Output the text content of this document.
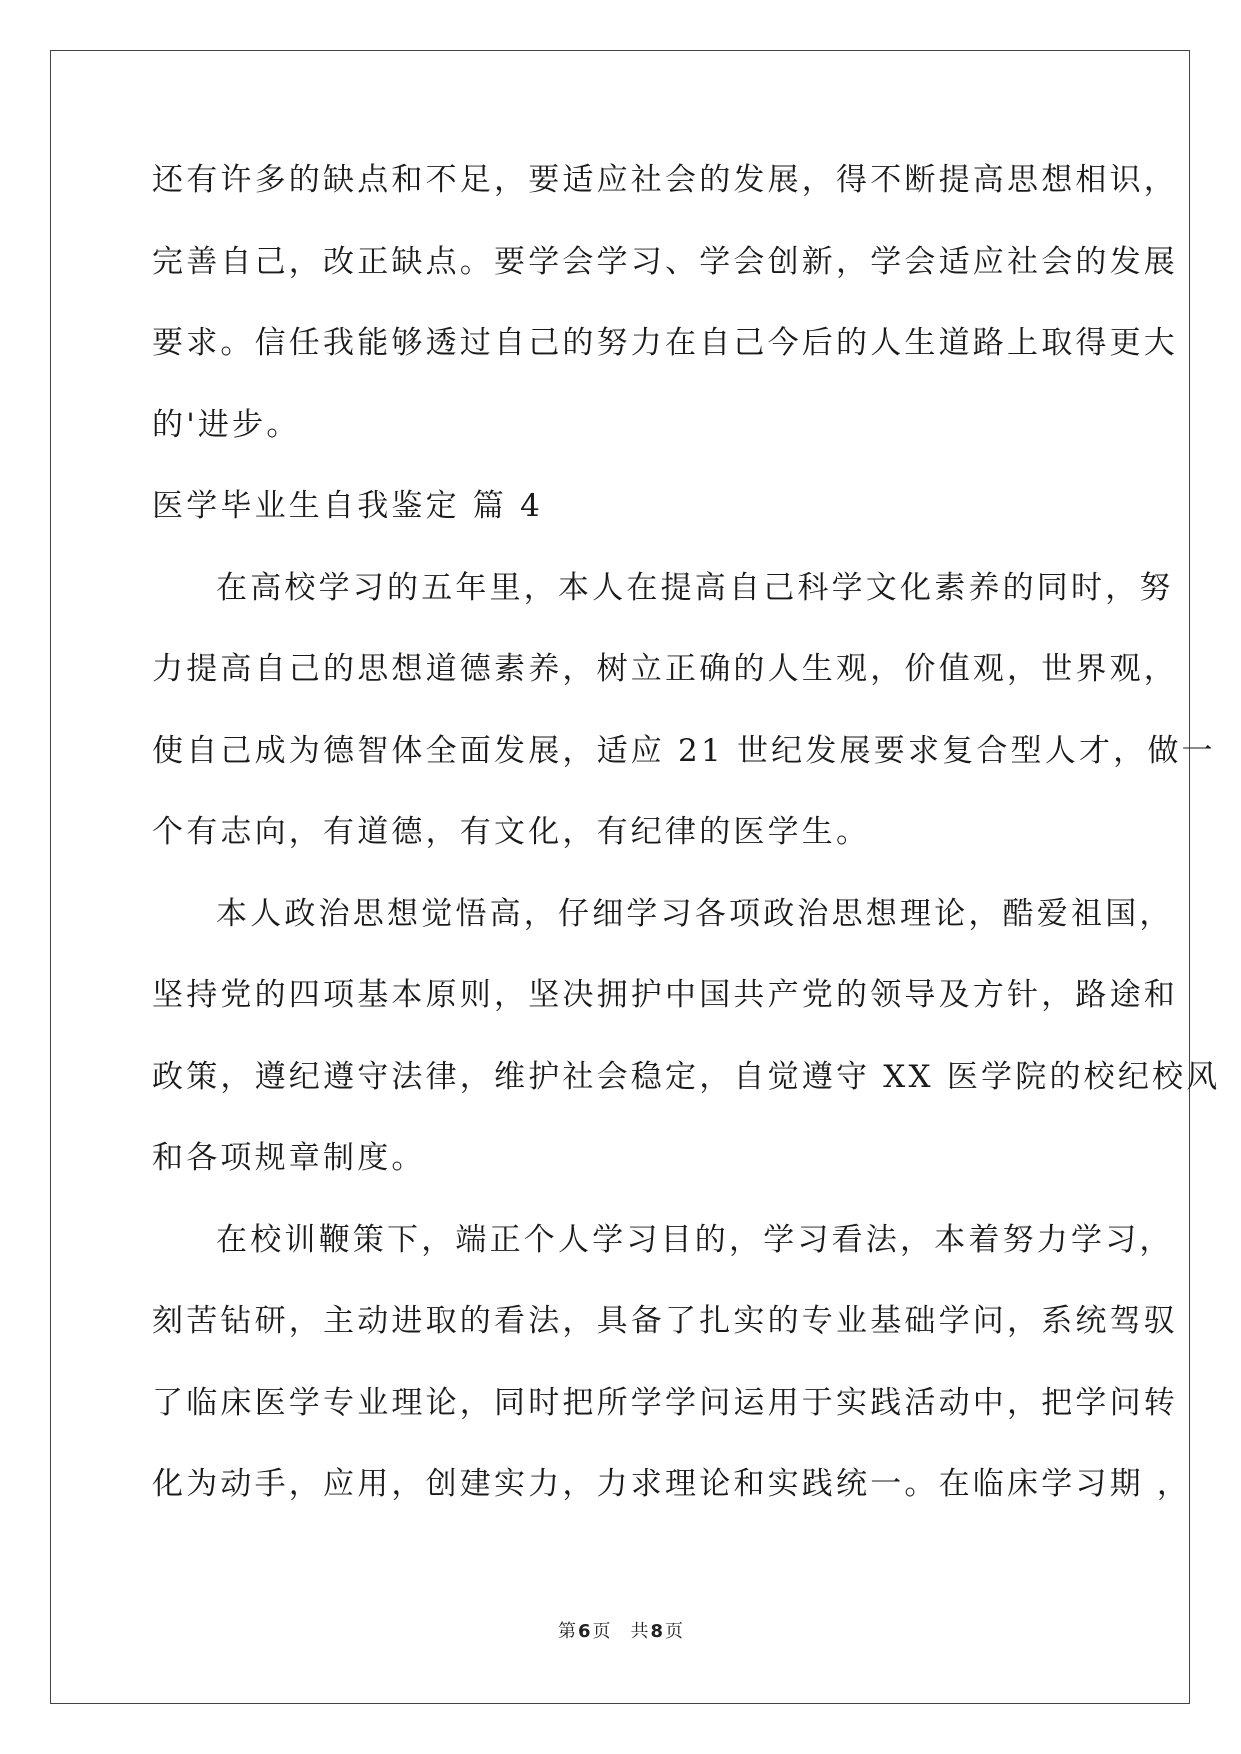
还有许多的缺点和不足，要适应社会的发展，得不断提高思想相识，
完善自己，改正缺点。要学会学习、学会创新，学会适应社会的发展
要求。信任我能够透过自己的努力在自己今后的人生道路上取得更大
的'进步。
医学毕业生自我鉴定 篇 4
在高校学习的五年里，本人在提高自己科学文化素养的同时，努
力提高自己的思想道德素养，树立正确的人生观，价值观，世界观，
使自己成为德智体全面发展，适应 21 世纪发展要求复合型人才，做一
个有志向，有道德，有文化，有纪律的医学生。
本人政治思想觉悟高，仔细学习各项政治思想理论，酷爱祖国，
坚持党的四项基本原则，坚决拥护中国共产党的领导及方针，路途和
政策，遵纪遵守法律，维护社会稳定，自觉遵守 XX 医学院的校纪校风
和各项规章制度。
在校训鞭策下，端正个人学习目的，学习看法，本着努力学习，
刻苦钻研，主动进取的看法，具备了扎实的专业基础学问，系统驾驭
了临床医学专业理论，同时把所学学问运用于实践活动中，把学问转
化为动手，应用，创建实力，力求理论和实践统一。在临床学习期 ，
第 6 页 共 8 页
